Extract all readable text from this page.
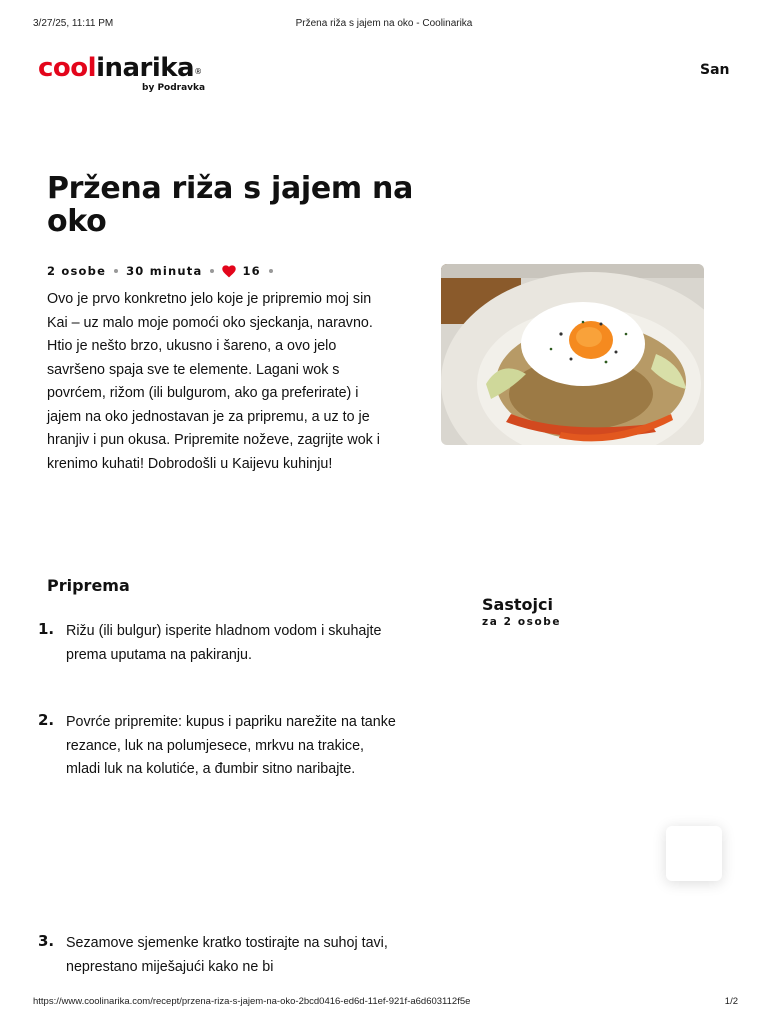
3/27/25, 11:11 PM	Pržena riža s jajem na oko - Coolinarika
coolinarika®
by Podravka
San
Pržena riža s jajem na oko
2 osobe 30 minuta	16

Ovo je prvo konkretno jelo koje je pripremio moj sin Kai – uz malo moje pomoći oko sjeckanja, naravno. Htio je nešto brzo, ukusno i šareno, a ovo jelo savršeno spaja sve te elemente. Lagani wok s povrćem, rižom (ili bulgurom, ako ga preferirate) i jajem na oko jednostavan je za pripremu, a uz to je hranjiv i pun okusa. Pripremite noževe, zagrijte wok i krenimo kuhati! Dobrodošli u Kaijevu kuhinju!

Priprema
Sastojci
za 2 osobe
1. Rižu (ili bulgur) isperite hladnom vodom i skuhajte prema uputama na pakiranju.

2. Povrće pripremite: kupus i papriku narežite na tanke rezance, luk na polumjesece, mrkvu na trakice, mladi luk na kolutiće, a đumbir sitno naribajte.

3. Sezamove sjemenke kratko tostirajte na suhoj tavi, neprestano miješajući kako ne bi

https://www.coolinarika.com/recept/przena-riza-s-jajem-na-oko-2bcd0416-ed6d-11ef-921f-a6d603112f5e	1/2
